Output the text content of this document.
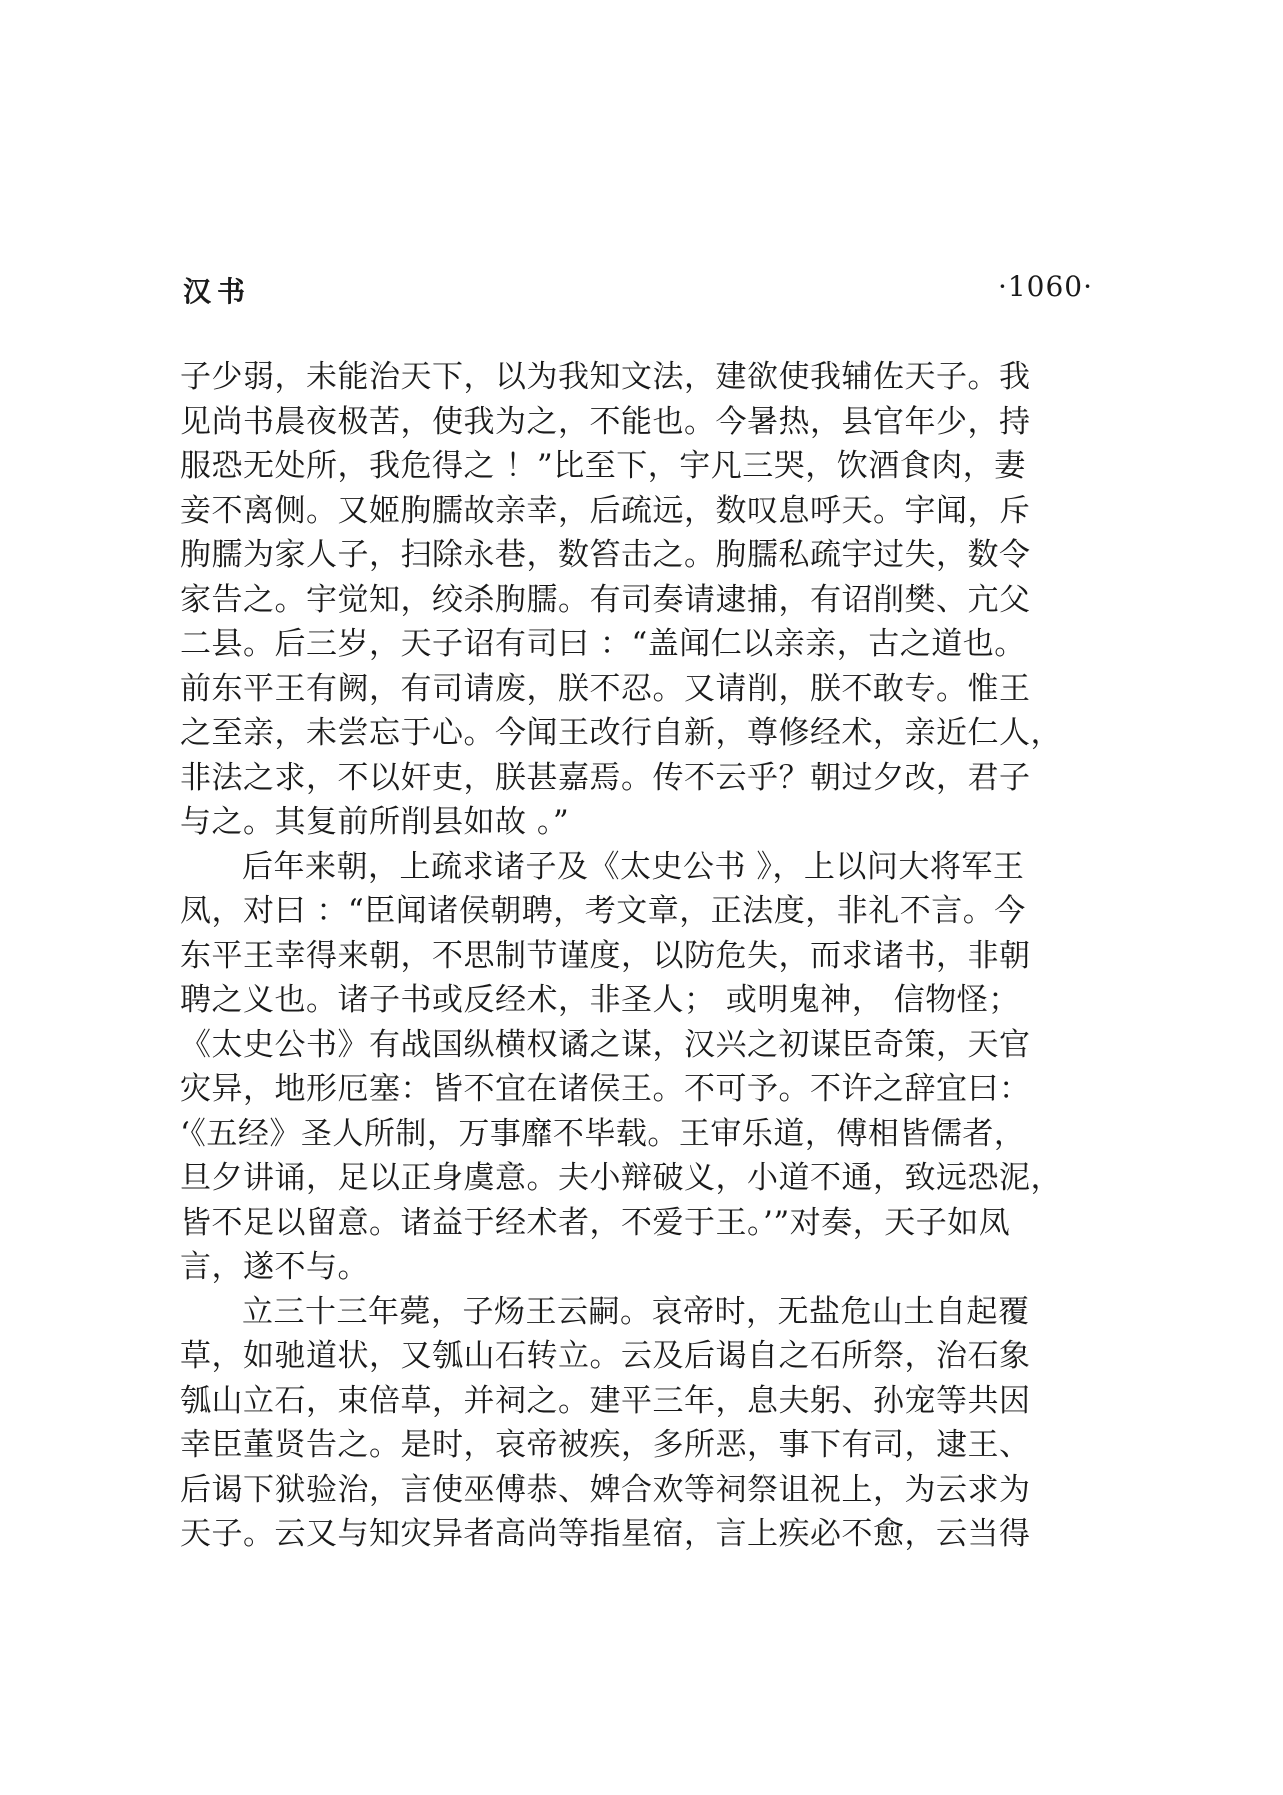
汉书	·1060·
子少弱，未能治天下，以为我知文法，建欲使我辅佐天子。我
见尚书晨夜极苦，使我为之，不能也。今暑热，县官年少，持
服恐无处所，我危得之 ！”比至下，宇凡三哭，饮酒食肉，妻
妾不离侧。又姬朐臑故亲幸，后疏远，数叹息呼天。宇闻，斥
朐臑为家人子，扫除永巷，数笞击之。朐臑私疏宇过失，数令
家告之。宇觉知，绞杀朐臑。有司奏请逮捕，有诏削樊、亢父
二县。后三岁，天子诏有司曰 ：“盖闻仁以亲亲，古之道也。
前东平王有阙，有司请废，朕不忍。又请削，朕不敢专。惟王
之至亲，未尝忘于心。今闻王改行自新，尊修经术，亲近仁人，
非法之求，不以奸吏，朕甚嘉焉。传不云乎？朝过夕改，君子
与之。其复前所削县如故 。”
后年来朝，上疏求诸子及《太史公书 》，上以问大将军王
凤，对曰 ：“臣闻诸侯朝聘，考文章，正法度，非礼不言。今
东平王幸得来朝，不思制节谨度，以防危失，而求诸书，非朝
聘之义也。诸子书或反经术，非圣人； 或明鬼神， 信物怪；
《太史公书》有战国纵横权谲之谋，汉兴之初谋臣奇策，天官
灾异，地形厄塞：皆不宜在诸侯王。不可予。不许之辞宜曰：
‘《五经》圣人所制，万事靡不毕载。王审乐道，傅相皆儒者，
旦夕讲诵，足以正身虞意。夫小辩破义，小道不通，致远恐泥，
皆不足以留意。诸益于经术者，不爱于王。’”对奏，天子如凤
言，遂不与。
立三十三年薨，子炀王云嗣。哀帝时，无盐危山土自起覆
草，如驰道状，又瓠山石转立。云及后谒自之石所祭，治石象
瓠山立石，束倍草，并祠之。建平三年，息夫躬、孙宠等共因
幸臣董贤告之。是时，哀帝被疾，多所恶，事下有司，逮王、
后谒下狱验治，言使巫傅恭、婢合欢等祠祭诅祝上，为云求为
天子。云又与知灾异者高尚等指星宿，言上疾必不愈，云当得
